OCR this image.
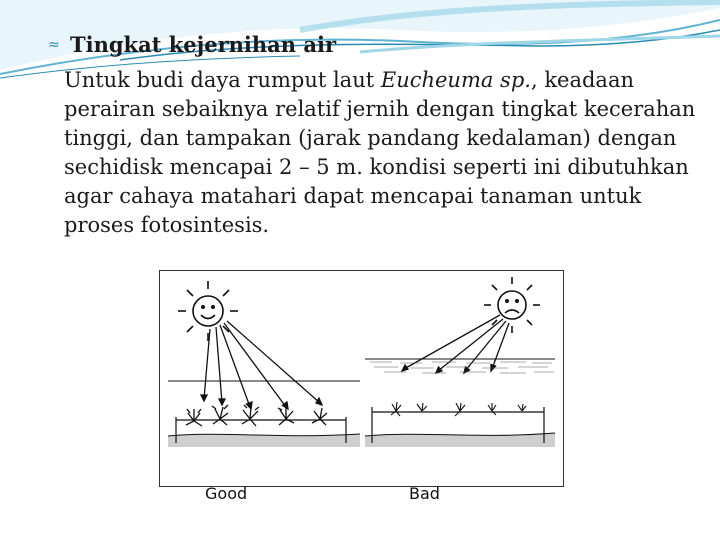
≈ Tingkat kejernihan air
Untuk budi daya rumput laut Eucheuma sp., keadaan perairan sebaiknya relatif jernih dengan tingkat kecerahan tinggi, dan tampakan (jarak pandang kedalaman) dengan sechidisk mencapai 2 – 5 m. kondisi seperti ini dibutuhkan agar cahaya matahari dapat mencapai tanaman untuk proses fotosintesis.
Good	Bad
